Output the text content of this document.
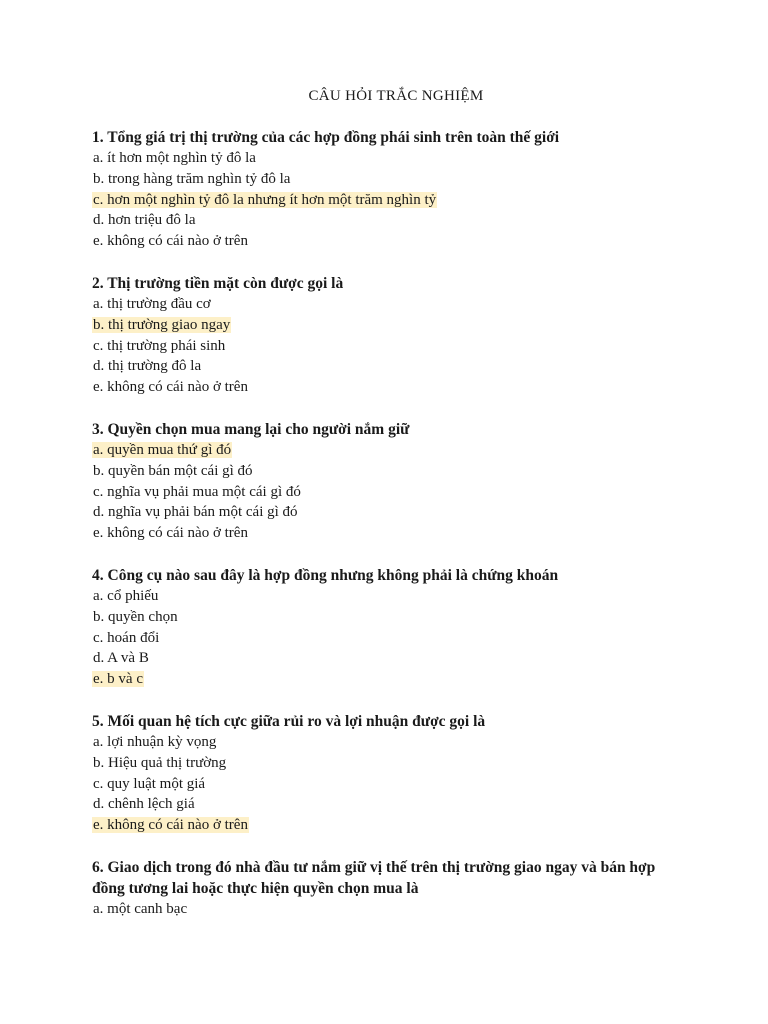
CÂU HỎI TRẮC NGHIỆM

1. Tổng giá trị thị trường của các hợp đồng phái sinh trên toàn thế giới

a. ít hơn một nghìn tỷ đô la

b. trong hàng trăm nghìn tỷ đô la

c. hơn một nghìn tỷ đô la nhưng ít hơn một trăm nghìn tỷ

d. hơn triệu đô la

e. không có cái nào ở trên

2. Thị trường tiền mặt còn được gọi là

a. thị trường đầu cơ

b. thị trường giao ngay

c. thị trường phái sinh

d. thị trường đô la

e. không có cái nào ở trên

3. Quyền chọn mua mang lại cho người nắm giữ

a. quyền mua thứ gì đó

b. quyền bán một cái gì đó

c. nghĩa vụ phải mua một cái gì đó

d. nghĩa vụ phải bán một cái gì đó

e. không có cái nào ở trên

4. Công cụ nào sau đây là hợp đồng nhưng không phải là chứng khoán

a. cổ phiếu

b. quyền chọn

c. hoán đổi

d. A và B

e. b và c

5. Mối quan hệ tích cực giữa rủi ro và lợi nhuận được gọi là

a. lợi nhuận kỳ vọng

b. Hiệu quả thị trường

c. quy luật một giá

d. chênh lệch giá

e. không có cái nào ở trên

6. Giao dịch trong đó nhà đầu tư nắm giữ vị thế trên thị trường giao ngay và bán hợp đồng tương lai hoặc thực hiện quyền chọn mua là

a. một canh bạc
